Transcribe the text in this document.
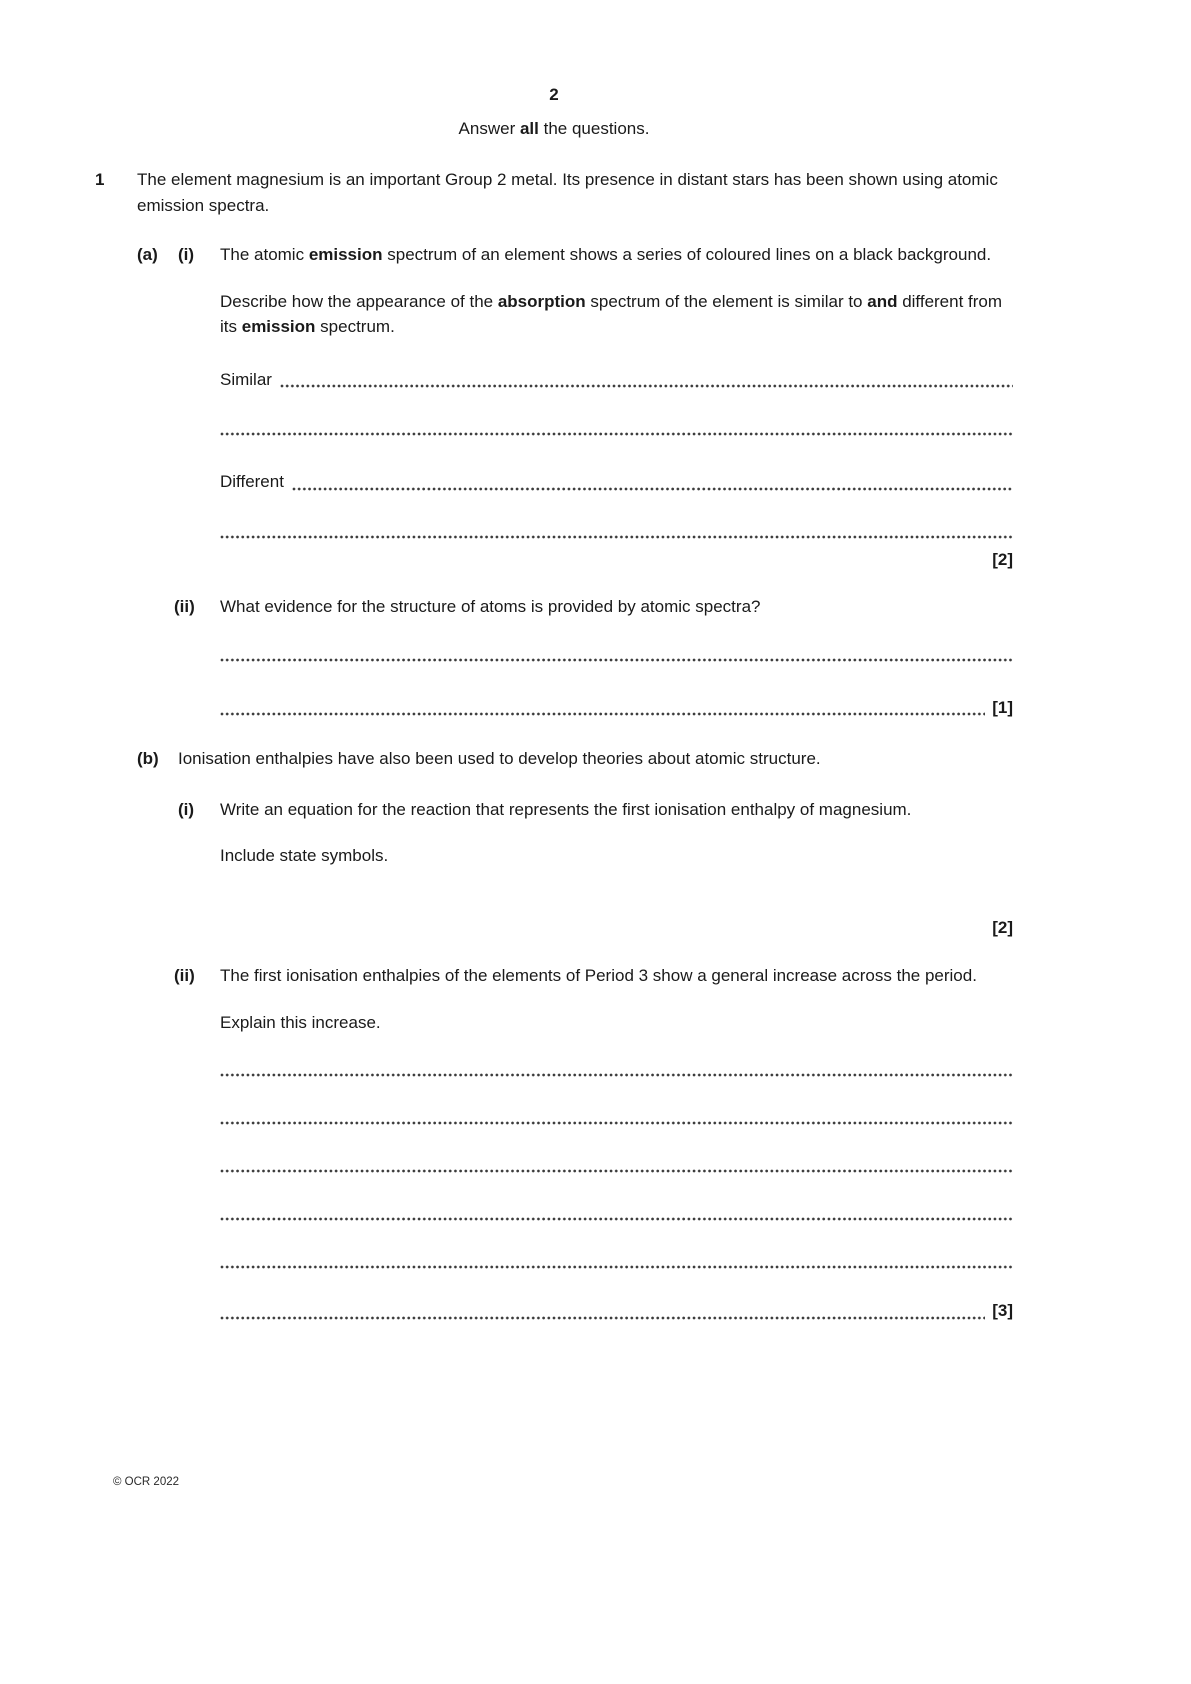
2
Answer all the questions.
1	The element magnesium is an important Group 2 metal. Its presence in distant stars has been shown using atomic emission spectra.
(a)	(i)	The atomic emission spectrum of an element shows a series of coloured lines on a black background.
Describe how the appearance of the absorption spectrum of the element is similar to and different from its emission spectrum.
Similar
Different
[2]
(ii)	What evidence for the structure of atoms is provided by atomic spectra?
[1]
(b)	Ionisation enthalpies have also been used to develop theories about atomic structure.
(i)	Write an equation for the reaction that represents the first ionisation enthalpy of magnesium.
Include state symbols.
[2]
(ii)	The first ionisation enthalpies of the elements of Period 3 show a general increase across the period.
Explain this increase.
[3]
© OCR 2022
